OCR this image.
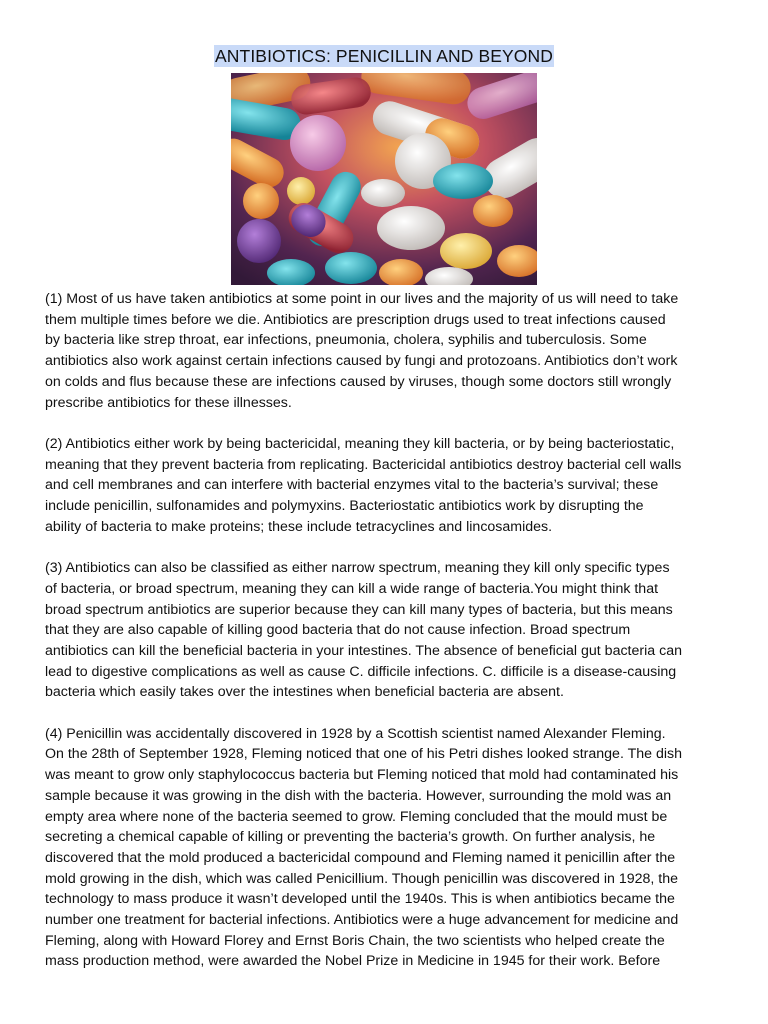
ANTIBIOTICS: PENICILLIN AND BEYOND

(1) Most of us have taken antibiotics at some point in our lives and the majority of us will need to take
them multiple times before we die. Antibiotics are prescription drugs used to treat infections caused
by bacteria like strep throat, ear infections, pneumonia, cholera, syphilis and tuberculosis. Some
antibiotics also work against certain infections caused by fungi and protozoans. Antibiotics don’t work
on colds and flus because these are infections caused by viruses, though some doctors still wrongly
prescribe antibiotics for these illnesses.

(2) Antibiotics either work by being bactericidal, meaning they kill bacteria, or by being bacteriostatic,
meaning that they prevent bacteria from replicating. Bactericidal antibiotics destroy bacterial cell walls
and cell membranes and can interfere with bacterial enzymes vital to the bacteria’s survival; these
include penicillin, sulfonamides and polymyxins. Bacteriostatic antibiotics work by disrupting the
ability of bacteria to make proteins; these include tetracyclines and lincosamides.

(3) Antibiotics can also be classified as either narrow spectrum, meaning they kill only specific types
of bacteria, or broad spectrum, meaning they can kill a wide range of bacteria.You might think that
broad spectrum antibiotics are superior because they can kill many types of bacteria, but this means
that they are also capable of killing good bacteria that do not cause infection. Broad spectrum
antibiotics can kill the beneficial bacteria in your intestines. The absence of beneficial gut bacteria can
lead to digestive complications as well as cause C. difficile infections. C. difficile is a disease-causing
bacteria which easily takes over the intestines when beneficial bacteria are absent.

(4) Penicillin was accidentally discovered in 1928 by a Scottish scientist named Alexander Fleming.
On the 28th of September 1928, Fleming noticed that one of his Petri dishes looked strange. The dish
was meant to grow only staphylococcus bacteria but Fleming noticed that mold had contaminated his
sample because it was growing in the dish with the bacteria. However, surrounding the mold was an
empty area where none of the bacteria seemed to grow. Fleming concluded that the mould must be
secreting a chemical capable of killing or preventing the bacteria’s growth. On further analysis, he
discovered that the mold produced a bactericidal compound and Fleming named it penicillin after the
mold growing in the dish, which was called Penicillium. Though penicillin was discovered in 1928, the
technology to mass produce it wasn’t developed until the 1940s. This is when antibiotics became the
number one treatment for bacterial infections. Antibiotics were a huge advancement for medicine and
Fleming, along with Howard Florey and Ernst Boris Chain, the two scientists who helped create the
mass production method, were awarded the Nobel Prize in Medicine in 1945 for their work. Before
